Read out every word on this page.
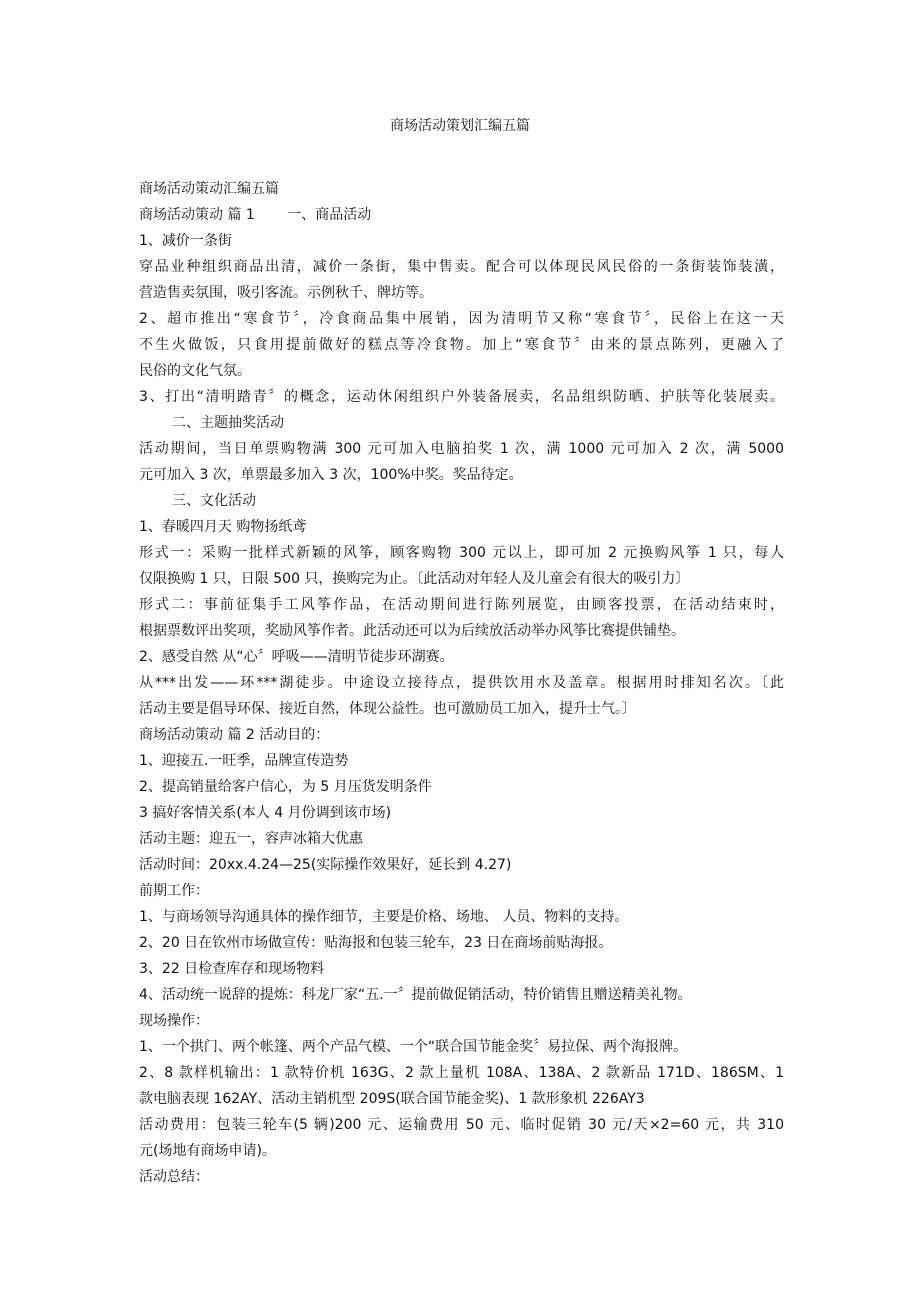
商场活动策划汇编五篇

商场活动策动汇编五篇

商场活动策动 篇 1 　　一、商品活动

1、减价一条街

穿品业种组织商品出清，减价一条街，集中售卖。配合可以体现民风民俗的一条街装饰装潢，

营造售卖氛围，吸引客流。示例秋千、牌坊等。

2、超市推出“寒食节〞，冷食商品集中展销，因为清明节又称“寒食节〞，民俗上在这一天

不生火做饭，只食用提前做好的糕点等冷食物。加上“寒食节〞由来的景点陈列，更融入了

民俗的文化气氛。

3、打出“清明踏青〞的概念，运动休闲组织户外装备展卖，名品组织防晒、护肤等化装展卖。

二、主题抽奖活动

活动期间，当日单票购物满 300 元可加入电脑拍奖 1 次，满 1000 元可加入 2 次，满 5000

元可加入 3 次，单票最多加入 3 次，100%中奖。奖品待定。

三、文化活动

1、春暖四月天 购物扬纸鸢

形式一：采购一批样式新颖的风筝，顾客购物 300 元以上，即可加 2 元换购风筝 1 只，每人

仅限换购 1 只，日限 500 只，换购完为止。〔此活动对年轻人及儿童会有很大的吸引力〕

形式二：事前征集手工风筝作品，在活动期间进行陈列展览，由顾客投票，在活动结束时，

根据票数评出奖项，奖励风筝作者。此活动还可以为后续放活动举办风筝比赛提供铺垫。

2、感受自然 从“心〞呼吸——清明节徒步环湖赛。

从***出发——环***湖徒步。中途设立接待点，提供饮用水及盖章。根据用时排知名次。〔此

活动主要是倡导环保、接近自然，体现公益性。也可激励员工加入，提升士气。〕

商场活动策动 篇 2 活动目的：

1、迎接五.一旺季，品牌宣传造势

2、提高销量给客户信心，为 5 月压货发明条件

3 搞好客情关系(本人 4 月份调到该市场)

活动主题：迎五一，容声冰箱大优惠

活动时间：20xx.4.24—25(实际操作效果好，延长到 4.27)

前期工作：

1、与商场领导沟通具体的操作细节，主要是价格、场地、 人员、物料的支持。

2、20 日在钦州市场做宣传：贴海报和包装三轮车，23 日在商场前贴海报。

3、22 日检查库存和现场物料

4、活动统一说辞的提炼：科龙厂家“五.一〞提前做促销活动，特价销售且赠送精美礼物。

现场操作：

1、一个拱门、两个帐篷、两个产品气模、一个“联合国节能金奖〞易拉保、两个海报牌。

2、8 款样机输出：1 款特价机 163G、2 款上量机 108A、138A、2 款新品 171D、186SM、1

款电脑表现 162AY、活动主销机型 209S(联合国节能金奖)、1 款形象机 226AY3

活动费用：包装三轮车(5 辆)200 元、运输费用 50 元、临时促销 30 元/天×2=60 元，共 310

元(场地有商场申请)。

活动总结：
